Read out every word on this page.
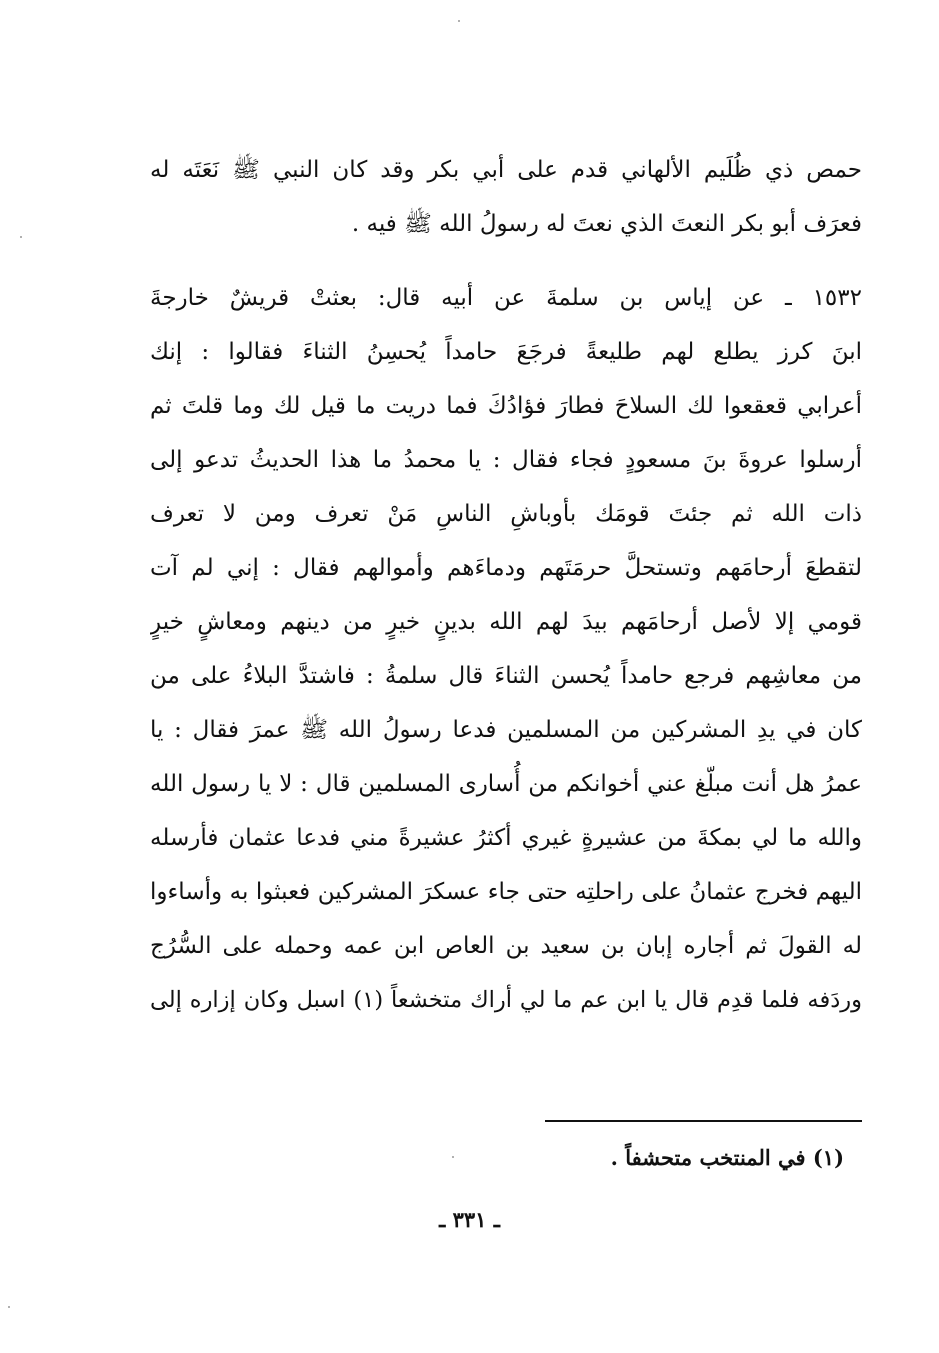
حمص ذي ظُلَيم الألهاني قدم على أبي بكر وقد كان النبي ﷺ نَعَتَه له
فعرَف أبو بكر النعتَ الذي نعتَ له رسولُ الله ﷺ فيه .
١٥٣٢ ـ عن إياس بن سلمةَ عن أبيه قال: بعثتْ قريشٌ خارجةَ
ابنَ كرز يطلع لهم طليعةً فرجَعَ حامداً يُحسِنُ الثناءَ فقالوا : إنك
أعرابي قعقعوا لك السلاحَ فطارَ فؤادُكَ فما دريت ما قيل لك وما قلتَ ثم
أرسلوا عروةَ بنَ مسعودٍ فجاء فقال : يا محمدُ ما هذا الحديثُ تدعو إلى
ذات الله ثم جئتَ قومَك بأوباشِ الناسِ مَنْ تعرف ومن لا تعرف
لتقطعَ أرحامَهم وتستحلَّ حرمَتَهم ودماءَهم وأموالهم فقال : إني لم آت
قومي إلا لأصل أرحامَهم بيدَ لهم الله بدينٍ خيرٍ من دينهم ومعاشٍ خيرٍ
من معاشِهم فرجع حامداً يُحسن الثناءَ قال سلمةُ : فاشتدَّ البلاءُ على من
كان في يدِ المشركين من المسلمين فدعا رسولُ الله ﷺ عمرَ فقال : يا
عمرُ هل أنت مبلّغ عني أخوانكم من أُسارى المسلمين قال : لا يا رسول الله
والله ما لي بمكةَ من عشيرةٍ غيري أكثرُ عشيرةً مني فدعا عثمان فأرسله
اليهم فخرج عثمانُ على راحلتِه حتى جاء عسكرَ المشركين فعبثوا به وأساءوا
له القولَ ثم أجاره إبان بن سعيد بن العاص ابن عمه وحمله على السُّرُج
وردَفه فلما قدِم قال يا ابن عم ما لي أراك متخشعاً (١) اسبل وكان إزاره إلى
(١) في المنتخب متحشفاً .
ـ ٣٣١ ـ
